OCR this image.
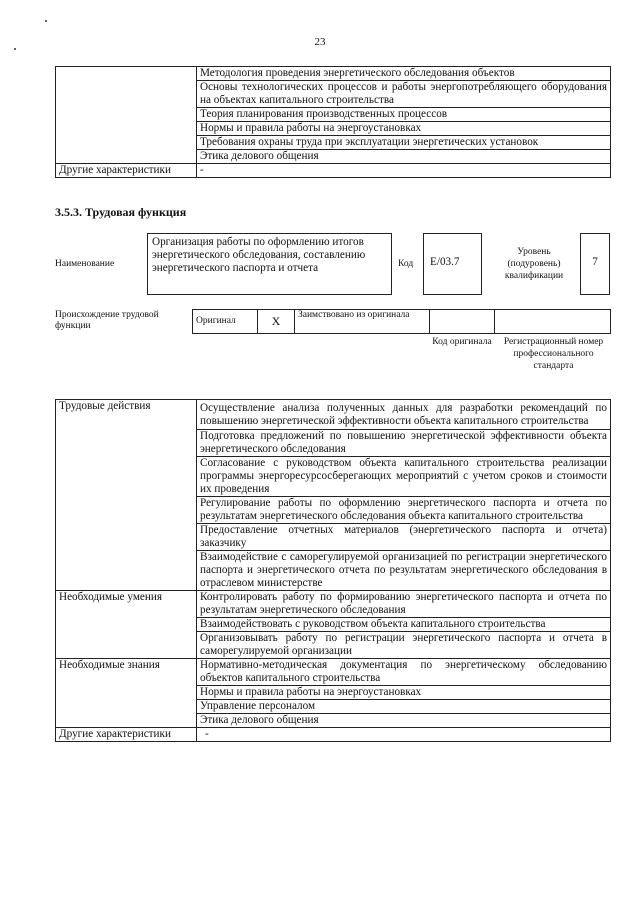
23
	Методология проведения энергетического обследования объектов
	Основы технологических процессов и работы энергопотребляющего оборудования на объектах капитального строительства
	Теория планирования производственных процессов
	Нормы и правила работы на энергоустановках
	Требования охраны труда при эксплуатации энергетических установок
	Этика делового общения
Другие характеристики	-
3.5.3. Трудовая функция
Наименование
Организация работы по оформлению итогов энергетического обследования, составлению энергетического паспорта и отчета	Код	E/03.7
Уровень (подуровень) квалификации
7
Происхождение трудовой функции	Оригинал	X	Заимствовано из оригинала		
Код оригинала	Регистрационный номер профессионального стандарта
Трудовые действия	Осуществление анализа полученных данных для разработки рекомендаций по повышению энергетической эффективности объекта капитального строительства
	Подготовка предложений по повышению энергетической эффективности объекта энергетического обследования
	Согласование с руководством объекта капитального строительства реализации программы энергоресурсосберегающих мероприятий с учетом сроков и стоимости их проведения
	Регулирование работы по оформлению энергетического паспорта и отчета по результатам энергетического обследования объекта капитального строительства
	Предоставление отчетных материалов (энергетического паспорта и отчета) заказчику
	Взаимодействие с саморегулируемой организацией по регистрации энергетического паспорта и энергетического отчета по результатам энергетического обследования в отраслевом министерстве
Необходимые умения	Контролировать работу по формированию энергетического паспорта и отчета по результатам энергетического обследования
	Взаимодействовать с руководством объекта капитального строительства
	Организовывать работу по регистрации энергетического паспорта и отчета в саморегулируемой организации
Необходимые знания	Нормативно-методическая документация по энергетическому обследованию объектов капитального строительства
	Нормы и правила работы на энергоустановках
	Управление персоналом
	Этика делового общения
Другие характеристики	-
